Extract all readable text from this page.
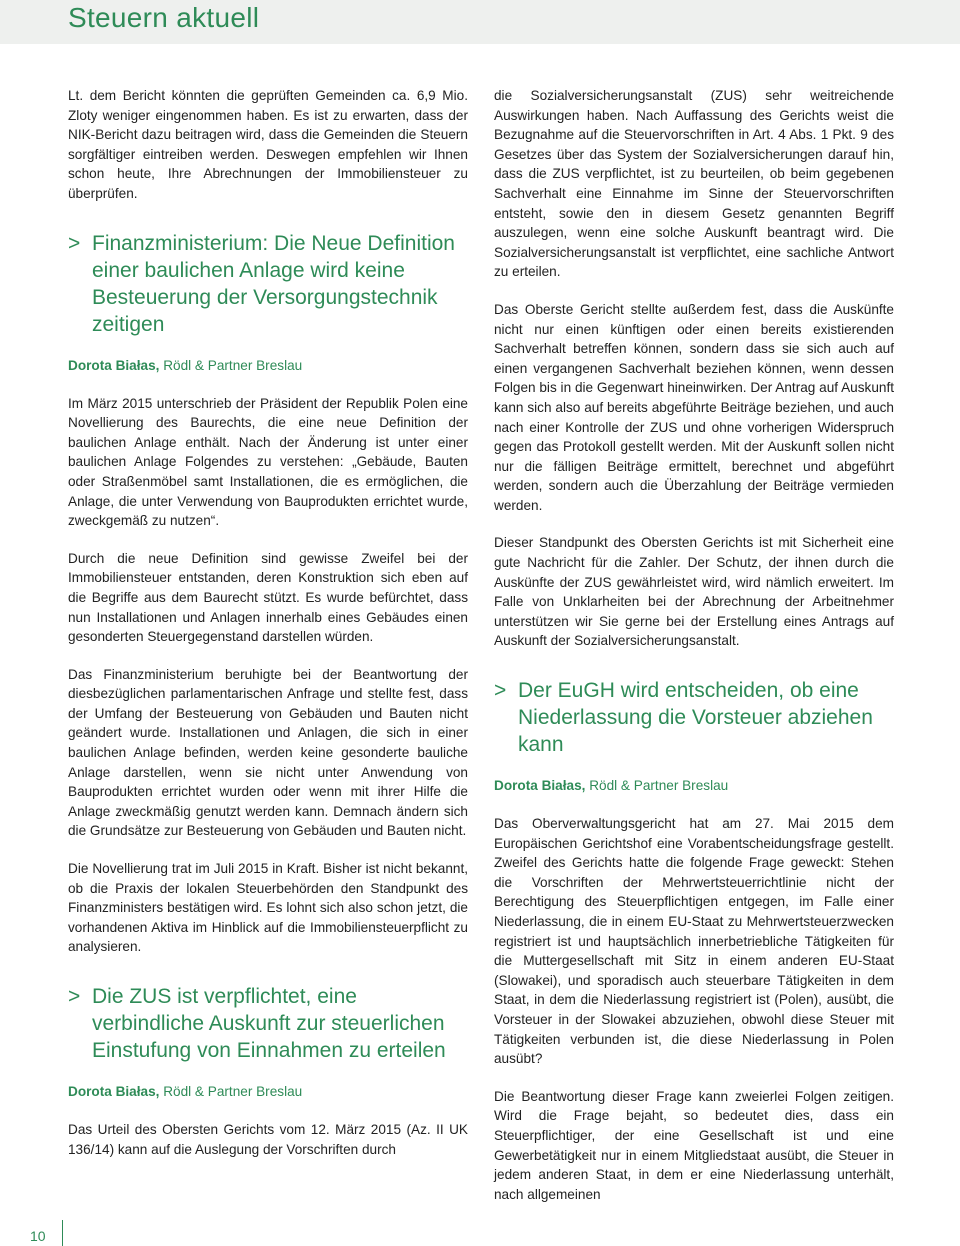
Steuern aktuell

Lt. dem Bericht könnten die geprüften Gemeinden ca. 6,9 Mio. Zloty weniger eingenommen haben. Es ist zu erwarten, dass der NIK-Bericht dazu beitragen wird, dass die Gemeinden die Steuern sorgfältiger eintreiben werden. Deswegen empfehlen wir Ihnen schon heute, Ihre Abrechnungen der Immobiliensteuer zu überprüfen.

> Finanzministerium: Die Neue Definition einer baulichen Anlage wird keine Besteuerung der Versorgungstechnik zeitigen
Dorota Białas, Rödl & Partner Breslau

Im März 2015 unterschrieb der Präsident der Republik Polen eine Novellierung des Baurechts, die eine neue Definition der baulichen Anlage enthält. Nach der Änderung ist unter einer baulichen Anlage Folgendes zu verstehen: „Gebäude, Bauten oder Straßenmöbel samt Installationen, die es ermöglichen, die Anlage, die unter Verwendung von Bauprodukten errichtet wurde, zweckgemäß zu nutzen“.

Durch die neue Definition sind gewisse Zweifel bei der Immobiliensteuer entstanden, deren Konstruktion sich eben auf die Begriffe aus dem Baurecht stützt. Es wurde befürchtet, dass nun Installationen und Anlagen innerhalb eines Gebäudes einen gesonderten Steuergegenstand darstellen würden.

Das Finanzministerium beruhigte bei der Beantwortung der diesbezüglichen parlamentarischen Anfrage und stellte fest, dass der Umfang der Besteuerung von Gebäuden und Bauten nicht geändert wurde. Installationen und Anlagen, die sich in einer baulichen Anlage befinden, werden keine gesonderte bauliche Anlage darstellen, wenn sie nicht unter Anwendung von Bauprodukten errichtet wurden oder wenn mit ihrer Hilfe die Anlage zweckmäßig genutzt werden kann. Demnach ändern sich die Grundsätze zur Besteuerung von Gebäuden und Bauten nicht.

Die Novellierung trat im Juli 2015 in Kraft. Bisher ist nicht bekannt, ob die Praxis der lokalen Steuerbehörden den Standpunkt des Finanzministers bestätigen wird. Es lohnt sich also schon jetzt, die vorhandenen Aktiva im Hinblick auf die Immobiliensteuerpflicht zu analysieren.

> Die ZUS ist verpflichtet, eine verbindliche Auskunft zur steuerlichen Einstufung von Einnahmen zu erteilen
Dorota Białas, Rödl & Partner Breslau

Das Urteil des Obersten Gerichts vom 12. März 2015 (Az. II UK 136/14) kann auf die Auslegung der Vorschriften durch

die Sozialversicherungsanstalt (ZUS) sehr weitreichende Auswirkungen haben. Nach Auffassung des Gerichts weist die Bezugnahme auf die Steuervorschriften in Art. 4 Abs. 1 Pkt. 9 des Gesetzes über das System der Sozialversicherungen darauf hin, dass die ZUS verpflichtet, ist zu beurteilen, ob beim gegebenen Sachverhalt eine Einnahme im Sinne der Steuervorschriften entsteht, sowie den in diesem Gesetz genannten Begriff auszulegen, wenn eine solche Auskunft beantragt wird. Die Sozialversicherungsanstalt ist verpflichtet, eine sachliche Antwort zu erteilen.

Das Oberste Gericht stellte außerdem fest, dass die Auskünfte nicht nur einen künftigen oder einen bereits existierenden Sachverhalt betreffen können, sondern dass sie sich auch auf einen vergangenen Sachverhalt beziehen können, wenn dessen Folgen bis in die Gegenwart hineinwirken. Der Antrag auf Auskunft kann sich also auf bereits abgeführte Beiträge beziehen, und auch nach einer Kontrolle der ZUS und ohne vorherigen Widerspruch gegen das Protokoll gestellt werden. Mit der Auskunft sollen nicht nur die fälligen Beiträge ermittelt, berechnet und abgeführt werden, sondern auch die Überzahlung der Beiträge vermieden werden.

Dieser Standpunkt des Obersten Gerichts ist mit Sicherheit eine gute Nachricht für die Zahler. Der Schutz, der ihnen durch die Auskünfte der ZUS gewährleistet wird, wird nämlich erweitert. Im Falle von Unklarheiten bei der Abrechnung der Arbeitnehmer unterstützen wir Sie gerne bei der Erstellung eines Antrags auf Auskunft der Sozialversicherungsanstalt.

> Der EuGH wird entscheiden, ob eine Niederlassung die Vorsteuer abziehen kann
Dorota Białas, Rödl & Partner Breslau

Das Oberverwaltungsgericht hat am 27. Mai 2015 dem Europäischen Gerichtshof eine Vorabentscheidungsfrage gestellt. Zweifel des Gerichts hatte die folgende Frage geweckt: Stehen die Vorschriften der Mehrwertsteuerrichtlinie nicht der Berechtigung des Steuerpflichtigen entgegen, im Falle einer Niederlassung, die in einem EU-Staat zu Mehrwertsteuerzwecken registriert ist und hauptsächlich innerbetriebliche Tätigkeiten für die Muttergesellschaft mit Sitz in einem anderen EU-Staat (Slowakei), und sporadisch auch steuerbare Tätigkeiten in dem Staat, in dem die Niederlassung registriert ist (Polen), ausübt, die Vorsteuer in der Slowakei abzuziehen, obwohl diese Steuer mit Tätigkeiten verbunden ist, die diese Niederlassung in Polen ausübt?

Die Beantwortung dieser Frage kann zweierlei Folgen zeitigen. Wird die Frage bejaht, so bedeutet dies, dass ein Steuerpflichtiger, der eine Gesellschaft ist und eine Gewerbetätigkeit nur in einem Mitgliedstaat ausübt, die Steuer in jedem anderen Staat, in dem er eine Niederlassung unterhält, nach allgemeinen

10
